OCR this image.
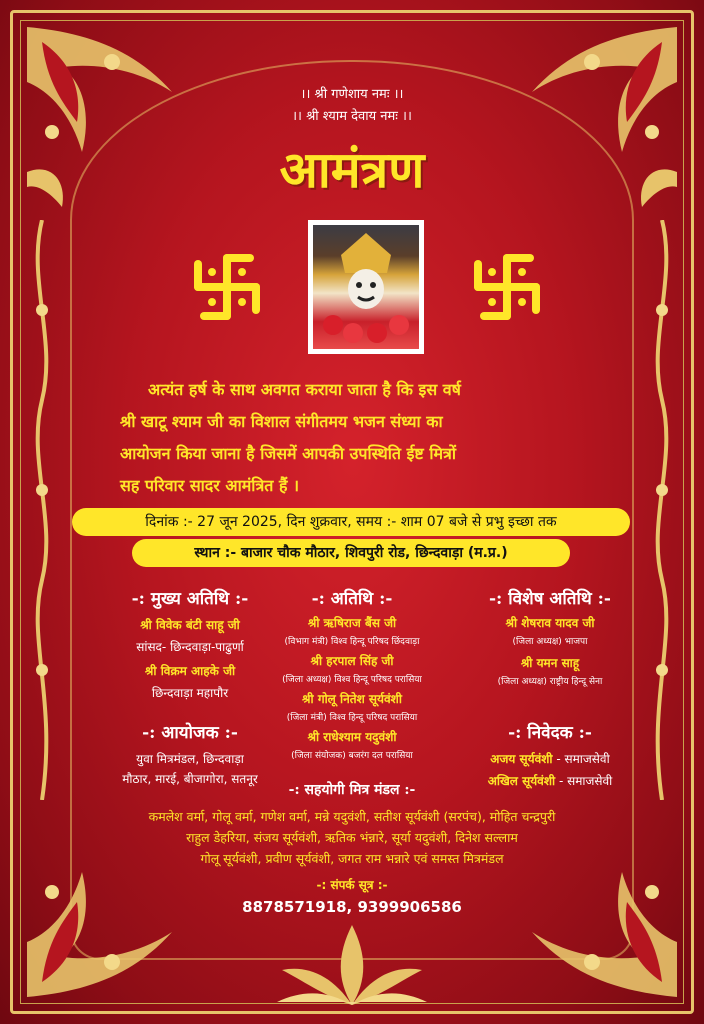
।। श्री गणेशाय नमः ।।
।। श्री श्याम देवाय नमः ।।
आमंत्रण
अत्यंत हर्ष के साथ अवगत कराया जाता है कि इस वर्ष
श्री खाटू श्याम जी का विशाल संगीतमय भजन संध्या का
आयोजन किया जाना है जिसमें आपकी उपस्थिति ईष्ट मित्रों
सह परिवार सादर आमंत्रित हैं ।
दिनांक :- 27 जून 2025, दिन शुक्रवार, समय :- शाम 07 बजे से प्रभु इच्छा तक
स्थान :- बाजार चौक मौठार, शिवपुरी रोड, छिन्दवाड़ा (म.प्र.)
-: मुख्य अतिथि :-
श्री विवेक बंटी साहू जी
सांसद- छिन्दवाड़ा-पाढुर्णा
श्री विक्रम आहके जी
छिन्दवाड़ा महापौर
-: अतिथि :-
श्री ऋषिराज बैंस जी
(विभाग मंत्री) विश्व हिन्दू परिषद छिंदवाड़ा
श्री हरपाल सिंह जी
(जिला अध्यक्ष) विश्व हिन्दू परिषद परासिया
श्री गोलू नितेश सूर्यवंशी
(जिला मंत्री) विश्व हिन्दू परिषद परासिया
श्री राधेश्याम यदुवंशी
(जिला संयोजक) बजरंग दल परासिया
-: विशेष अतिथि :-
श्री शेषराव यादव जी
(जिला अध्यक्ष) भाजपा
श्री यमन साहू
(जिला अध्यक्ष) राष्ट्रीय हिन्दू सेना
-: आयोजक :-
युवा मित्रमंडल, छिन्दवाड़ा
मौठार, मारई, बीजागोरा, सतनूर
-: निवेदक :-
अजय सूर्यवंशी - समाजसेवी
अखिल सूर्यवंशी - समाजसेवी
-: सहयोगी मित्र मंडल :-
कमलेश वर्मा, गोलू वर्मा, गणेश वर्मा, मन्ने यदुवंशी, सतीश सूर्यवंशी (सरपंच), मोहित चन्द्रपुरी
राहुल डेहरिया, संजय सूर्यवंशी, ऋतिक भंन्नारे, सूर्या यदुवंशी, दिनेश सल्लाम
गोलू सूर्यवंशी, प्रवीण सूर्यवंशी, जगत राम भन्नारे एवं समस्त मित्रमंडल
-: संपर्क सूत्र :-
8878571918, 9399906586
